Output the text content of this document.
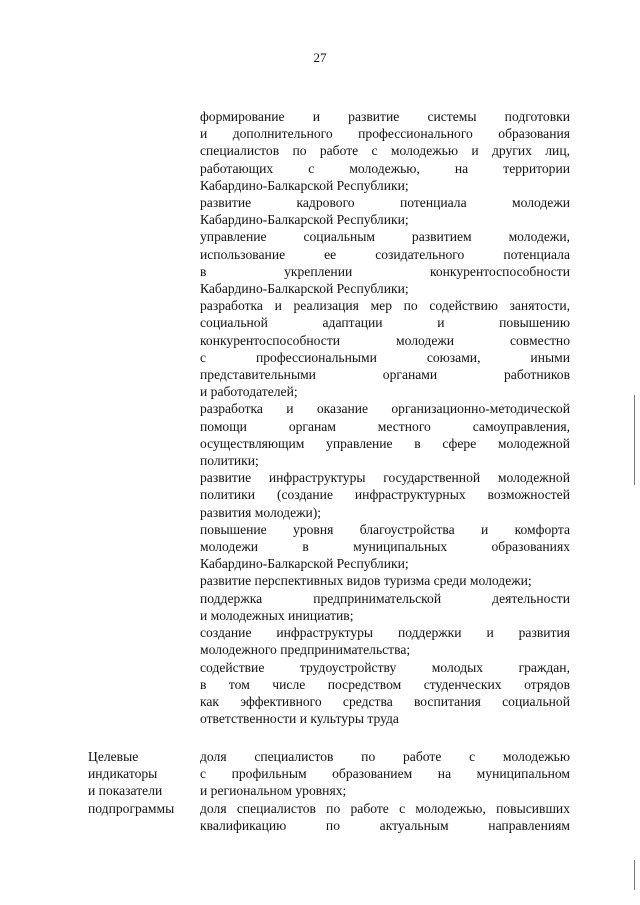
27
формирование и развитие системы подготовки
и дополнительного профессионального образования
специалистов по работе с молодежью и других лиц,
работающих с молодежью, на территории
Кабардино-Балкарской Республики;
развитие кадрового потенциала молодежи
Кабардино-Балкарской Республики;
управление социальным развитием молодежи,
использование ее созидательного потенциала
в укреплении конкурентоспособности
Кабардино-Балкарской Республики;
разработка и реализация мер по содействию занятости,
социальной адаптации и повышению
конкурентоспособности молодежи совместно
с профессиональными союзами, иными
представительными органами работников
и работодателей;
разработка и оказание организационно-методической
помощи органам местного самоуправления,
осуществляющим управление в сфере молодежной
политики;
развитие инфраструктуры государственной молодежной
политики (создание инфраструктурных возможностей
развития молодежи);
повышение уровня благоустройства и комфорта
молодежи в муниципальных образованиях
Кабардино-Балкарской Республики;
развитие перспективных видов туризма среди молодежи;
поддержка предпринимательской деятельности
и молодежных инициатив;
создание инфраструктуры поддержки и развития
молодежного предпринимательства;
содействие трудоустройству молодых граждан,
в том числе посредством студенческих отрядов
как эффективного средства воспитания социальной
ответственности и культуры труда
Целевые
индикаторы
и показатели
подпрограммы
доля специалистов по работе с молодежью
с профильным образованием на муниципальном
и региональном уровнях;
доля специалистов по работе с молодежью, повысивших
квалификацию по актуальным направлениям
